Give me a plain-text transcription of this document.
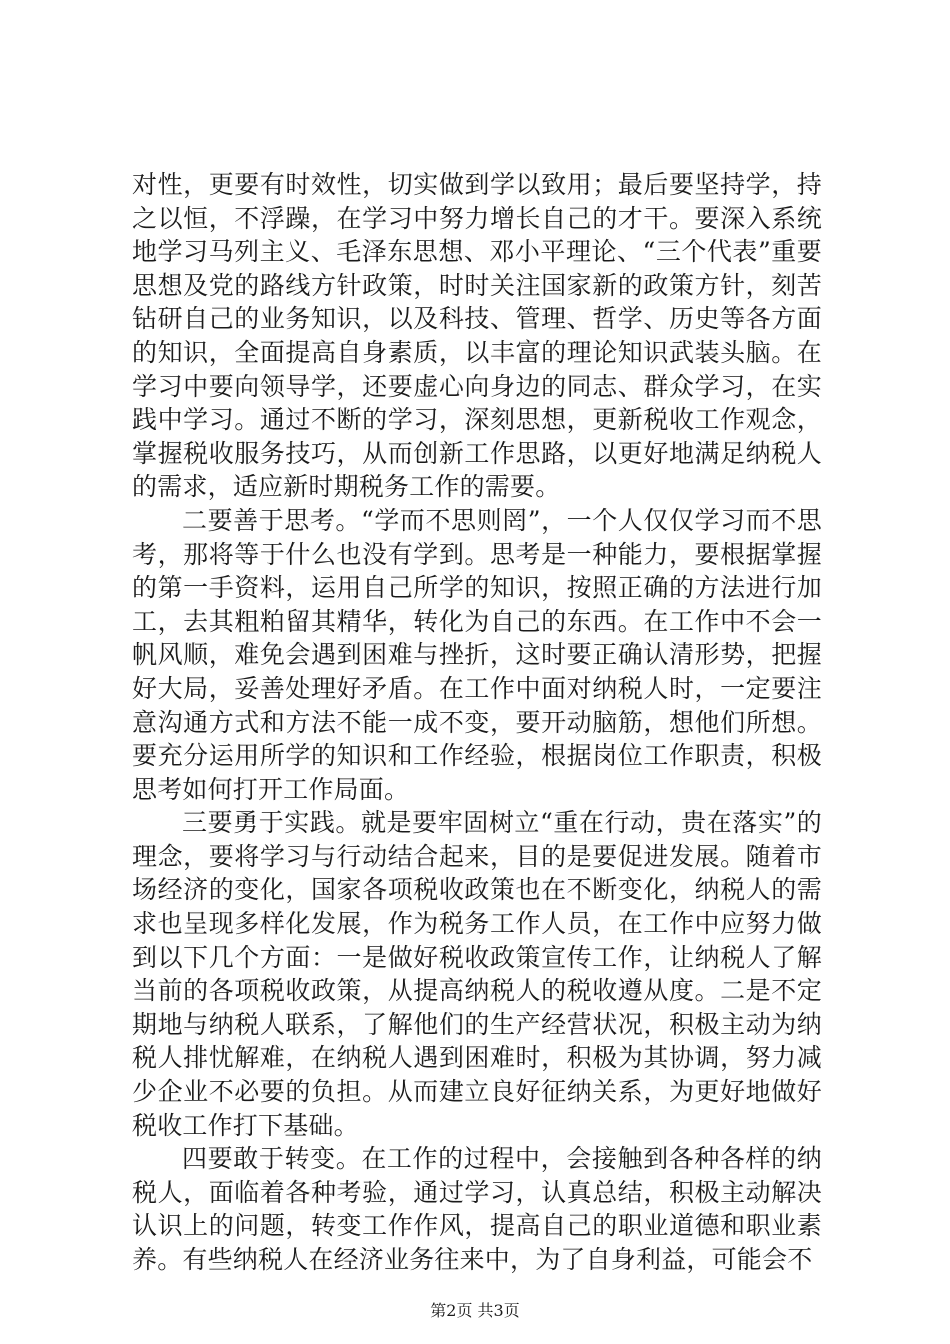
对性，更要有时效性，切实做到学以致用；最后要坚持学，持之以恒，不浮躁，在学习中努力增长自己的才干。要深入系统地学习马列主义、毛泽东思想、邓小平理论、“三个代表”重要思想及党的路线方针政策，时时关注国家新的政策方针，刻苦钻研自己的业务知识，以及科技、管理、哲学、历史等各方面的知识，全面提高自身素质，以丰富的理论知识武装头脑。在学习中要向领导学，还要虚心向身边的同志、群众学习，在实践中学习。通过不断的学习，深刻思想，更新税收工作观念，掌握税收服务技巧，从而创新工作思路，以更好地满足纳税人的需求，适应新时期税务工作的需要。

二要善于思考。“学而不思则罔”，一个人仅仅学习而不思考，那将等于什么也没有学到。思考是一种能力，要根据掌握的第一手资料，运用自己所学的知识，按照正确的方法进行加工，去其粗粕留其精华，转化为自己的东西。在工作中不会一帆风顺，难免会遇到困难与挫折，这时要正确认清形势，把握好大局，妥善处理好矛盾。在工作中面对纳税人时，一定要注意沟通方式和方法不能一成不变，要开动脑筋，想他们所想。要充分运用所学的知识和工作经验，根据岗位工作职责，积极思考如何打开工作局面。

三要勇于实践。就是要牢固树立“重在行动，贵在落实”的理念，要将学习与行动结合起来，目的是要促进发展。随着市场经济的变化，国家各项税收政策也在不断变化，纳税人的需求也呈现多样化发展，作为税务工作人员，在工作中应努力做到以下几个方面：一是做好税收政策宣传工作，让纳税人了解当前的各项税收政策，从提高纳税人的税收遵从度。二是不定期地与纳税人联系，了解他们的生产经营状况，积极主动为纳税人排忧解难，在纳税人遇到困难时，积极为其协调，努力减少企业不必要的负担。从而建立良好征纳关系，为更好地做好税收工作打下基础。

四要敢于转变。在工作的过程中，会接触到各种各样的纳税人，面临着各种考验，通过学习，认真总结，积极主动解决认识上的问题，转变工作作风，提高自己的职业道德和职业素养。有些纳税人在经济业务往来中，为了自身利益，可能会不

第2页 共3页
